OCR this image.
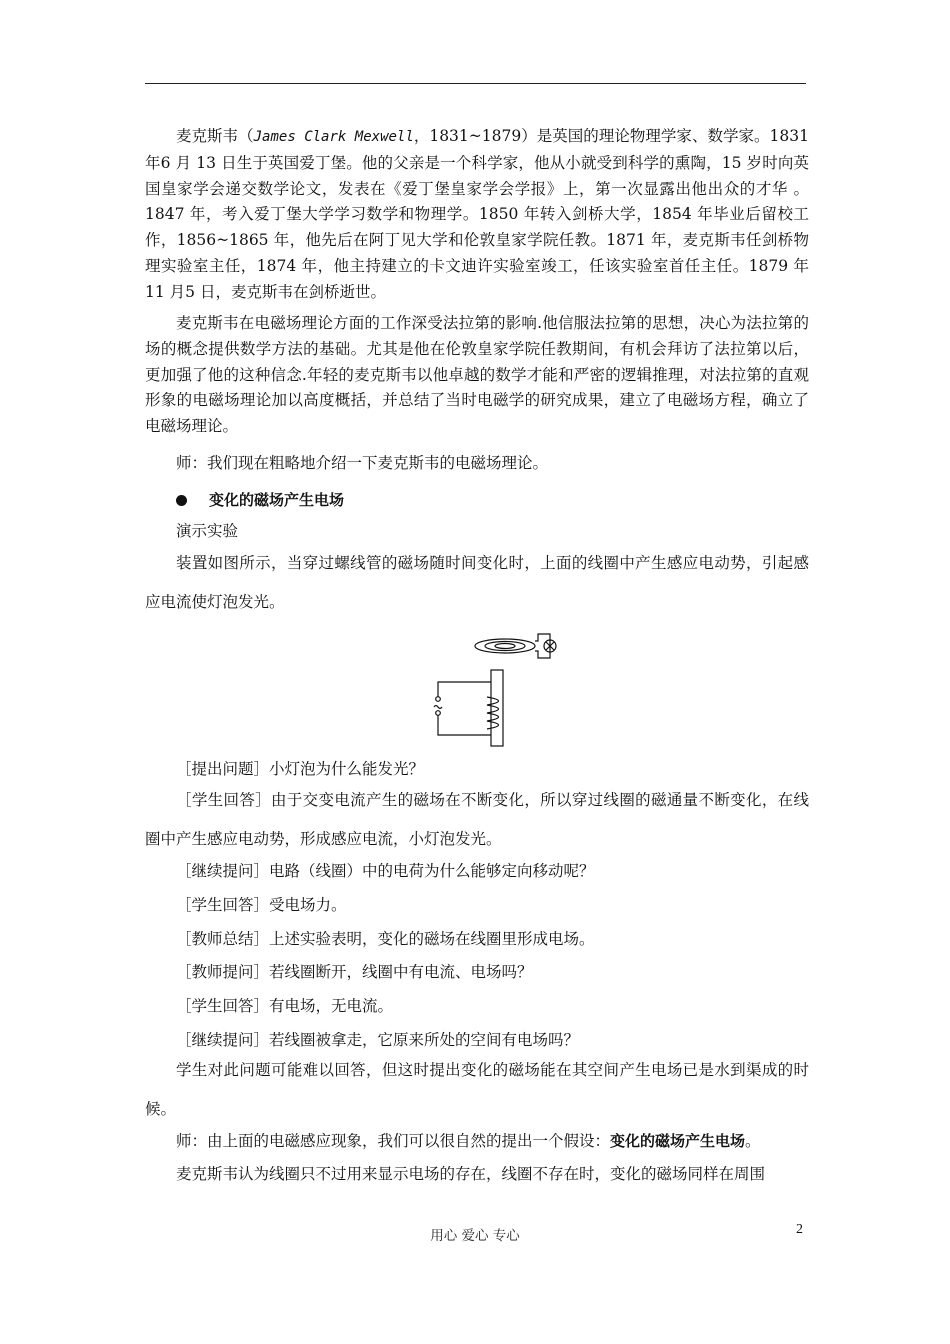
麦克斯韦（James Clark Mexwell，1831~1879）是英国的理论物理学家、数学家。1831 年6 月 13 日生于英国爱丁堡。他的父亲是一个科学家，他从小就受到科学的熏陶，15 岁时向英国皇家学会递交数学论文，发表在《爱丁堡皇家学会学报》上，第一次显露出他出众的才华 。1847 年，考入爱丁堡大学学习数学和物理学。1850 年转入剑桥大学，1854 年毕业后留校工作，1856~1865 年，他先后在阿丁见大学和伦敦皇家学院任教。1871 年，麦克斯韦任剑桥物理实验室主任，1874 年，他主持建立的卡文迪许实验室竣工，任该实验室首任主任。1879 年 11 月5 日，麦克斯韦在剑桥逝世。

麦克斯韦在电磁场理论方面的工作深受法拉第的影响.他信服法拉第的思想，决心为法拉第的场的概念提供数学方法的基础。尤其是他在伦敦皇家学院任教期间，有机会拜访了法拉第以后，更加强了他的这种信念.年轻的麦克斯韦以他卓越的数学才能和严密的逻辑推理，对法拉第的直观形象的电磁场理论加以高度概括，并总结了当时电磁学的研究成果，建立了电磁场方程，确立了电磁场理论。

师：我们现在粗略地介绍一下麦克斯韦的电磁场理论。
变化的磁场产生电场
演示实验

装置如图所示，当穿过螺线管的磁场随时间变化时，上面的线圈中产生感应电动势，引起感应电流使灯泡发光。

［提出问题］小灯泡为什么能发光？

［学生回答］由于交变电流产生的磁场在不断变化，所以穿过线圈的磁通量不断变化，在线圈中产生感应电动势，形成感应电流，小灯泡发光。

［继续提问］电路（线圈）中的电荷为什么能够定向移动呢？
［学生回答］受电场力。
［教师总结］上述实验表明，变化的磁场在线圈里形成电场。
［教师提问］若线圈断开，线圈中有电流、电场吗？
［学生回答］有电场，无电流。
［继续提问］若线圈被拿走，它原来所处的空间有电场吗？

学生对此问题可能难以回答，但这时提出变化的磁场能在其空间产生电场已是水到渠成的时候。

师：由上面的电磁感应现象，我们可以很自然的提出一个假设：变化的磁场产生电场。
麦克斯韦认为线圈只不过用来显示电场的存在，线圈不存在时，变化的磁场同样在周围
用心 爱心 专心	2
